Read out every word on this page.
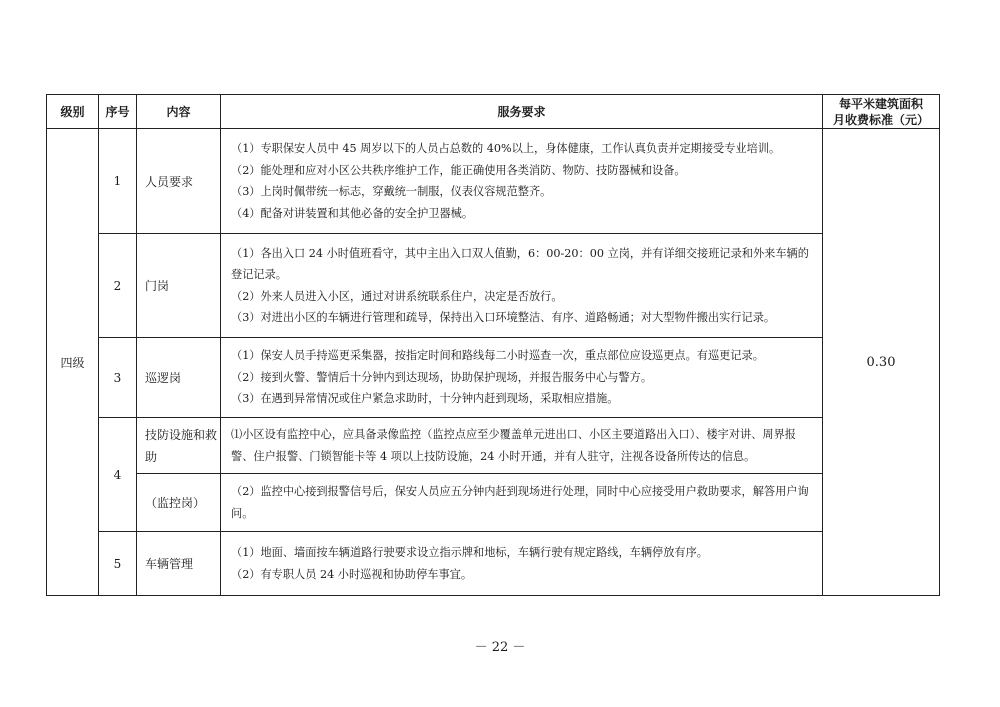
级别	序号	内容	服务要求	每平米建筑面积
月收费标准（元）

四级	1	人员要求	（1）专职保安人员中 45 周岁以下的人员占总数的 40%以上，身体健康，工作认真负责并定期接受专业培训。
（2）能处理和应对小区公共秩序维护工作，能正确使用各类消防、物防、技防器械和设备。
（3）上岗时佩带统一标志，穿戴统一制服，仪表仪容规范整齐。
（4）配备对讲装置和其他必备的安全护卫器械。	0.30
	2	门岗	（1）各出入口 24 小时值班看守，其中主出入口双人值勤，6：00-20：00 立岗，并有详细交接班记录和外来车辆的登记记录。
（2）外来人员进入小区，通过对讲系统联系住户，决定是否放行。
（3）对进出小区的车辆进行管理和疏导，保持出入口环境整洁、有序、道路畅通；对大型物件搬出实行记录。	

	3	巡逻岗	（1）保安人员手持巡更采集器，按指定时间和路线每二小时巡查一次，重点部位应设巡更点。有巡更记录。
（2）接到火警、警情后十分钟内到达现场，协助保护现场，并报告服务中心与警方。
（3）在遇到异常情况或住户紧急求助时，十分钟内赶到现场，采取相应措施。	

	4	技防设施和救助	⑴小区设有监控中心，应具备录像监控（监控点应至少覆盖单元进出口、小区主要道路出入口）、楼宇对讲、周界报警、住户报警、门锁智能卡等 4 项以上技防设施，24 小时开通，并有人驻守，注视各设备所传达的信息。	

		（监控岗）	（2）监控中心接到报警信号后，保安人员应五分钟内赶到现场进行处理，同时中心应接受用户救助要求，解答用户询问。	

	5	车辆管理	（1）地面、墙面按车辆道路行驶要求设立指示牌和地标，车辆行驶有规定路线，车辆停放有序。
（2）有专职人员 24 小时巡视和协助停车事宜。	
－ 22 －
